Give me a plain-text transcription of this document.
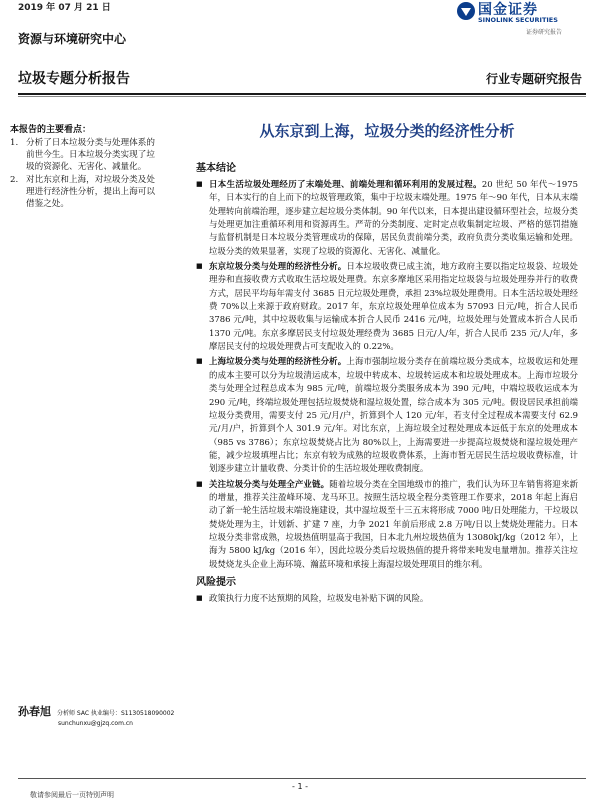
2019 年 07 月 21 日
资源与环境研究中心
国金证券
SINOLINK SECURITIES
证券研究报告
垃圾专题分析报告	行业专题研究报告
本报告的主要看点：
1. 分析了日本垃圾分类与处理体系的前世今生。日本垃圾分类实现了垃圾的资源化、无害化、减量化。
2. 对比东京和上海，对垃圾分类及处理进行经济性分析，提出上海可以借鉴之处。
孙春旭 分析师 SAC 执业编号：S1130518090002
sunchunxu@gjzq.com.cn
从东京到上海，垃圾分类的经济性分析
基本结论
■ 日本生活垃圾处理经历了末端处理、前端处理和循环利用的发展过程。20 世纪 50 年代～1975 年，日本实行的自上而下的垃圾管理政策，集中于垃圾末端处理。1975 年～90 年代，日本从末端处理转向前端治理，逐步建立起垃圾分类体制。90 年代以来，日本提出建设循环型社会，垃圾分类与处理更加注重循环利用和资源再生。严苛的分类制度、定时定点收集制定垃圾、严格的惩罚措施与监督机制是日本垃圾分类管理成功的保障，居民负责前端分类，政府负责分类收集运输和处理。垃圾分类的效果显著，实现了垃圾的资源化、无害化、减量化。
■ 东京垃圾分类与处理的经济性分析。日本垃圾收费已成主流，地方政府主要以指定垃圾袋、垃圾处理券和直接收费方式收取生活垃圾处理费。东京多摩地区采用指定垃圾袋与垃圾处理券并行的收费方式，居民平均每年需支付 3685 日元垃圾处理费，承担 23%垃圾处理费用。日本生活垃圾处理经费 70%以上来源于政府财政。2017 年，东京垃圾处理单位成本为 57093 日元/吨，折合人民币 3786 元/吨，其中垃圾收集与运输成本折合人民币 2416 元/吨，垃圾处理与处置成本折合人民币 1370 元/吨。东京多摩居民支付垃圾处理经费为 3685 日元/人/年，折合人民币 235 元/人/年，多摩居民支付的垃圾处理费占可支配收入的 0.22%。
■ 上海垃圾分类与处理的经济性分析。上海市强制垃圾分类存在前端垃圾分类成本，垃圾收运和处理的成本主要可以分为垃圾清运成本，垃圾中转成本、垃圾转运成本和垃圾处理成本。上海市垃圾分类与处理全过程总成本为 985 元/吨，前端垃圾分类服务成本为 390 元/吨，中端垃圾收运成本为 290 元/吨，终端垃圾处理包括垃圾焚烧和湿垃圾处置，综合成本为 305 元/吨。假设居民承担前端垃圾分类费用，需要支付 25 元/月/户，折算到个人 120 元/年，若支付全过程成本需要支付 62.9 元/月/户，折算到个人 301.9 元/年。对比东京，上海垃圾全过程处理成本远低于东京的处理成本（985 vs 3786）；东京垃圾焚烧占比为 80%以上，上海需要进一步提高垃圾焚烧和湿垃圾处理产能，减少垃圾填埋占比；东京有较为成熟的垃圾收费体系，上海市暂无居民生活垃圾收费标准，计划逐步建立计量收费、分类计价的生活垃圾处理收费制度。
■ 关注垃圾分类与处理全产业链。随着垃圾分类在全国地级市的推广，我们认为环卫车销售将迎来新的增量，推荐关注盈峰环境、龙马环卫。按照生活垃圾全程分类管理工作要求，2018 年起上海启动了新一轮生活垃圾末端设施建设，其中湿垃圾至十三五末将形成 7000 吨/日处理能力，干垃圾以焚烧处理为主，计划新、扩建 7 座，力争 2021 年前后形成 2.8 万吨/日以上焚烧处理能力。日本垃圾分类非常成熟，垃圾热值明显高于我国，日本北九州垃圾热值为 13080kJ/kg（2012 年），上海为 5800 kJ/kg（2016 年），因此垃圾分类后垃圾热值的提升将带来吨发电量增加。推荐关注垃圾焚烧龙头企业上海环境、瀚蓝环境和承接上海湿垃圾处理项目的维尔利。
风险提示
■ 政策执行力度不达预期的风险，垃圾发电补贴下调的风险。
- 1 -
敬请参阅最后一页特别声明
